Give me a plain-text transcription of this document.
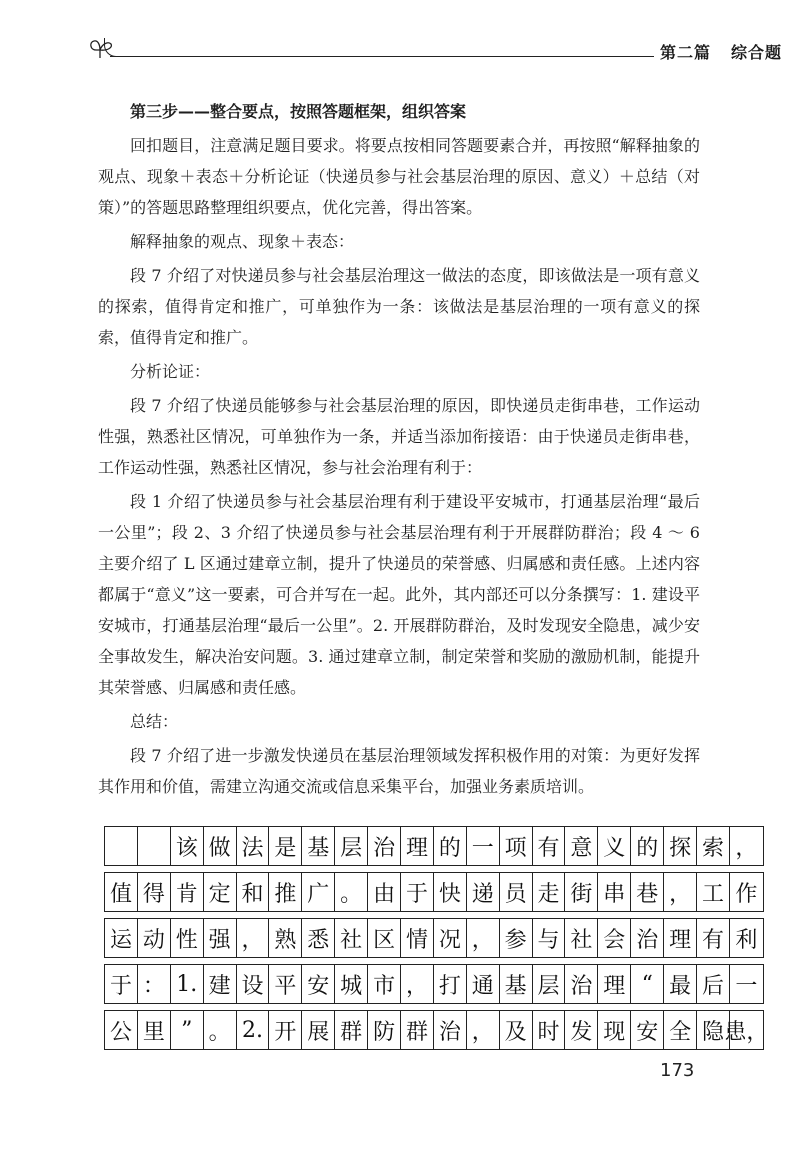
第二篇 综合题

第三步——整合要点，按照答题框架，组织答案

回扣题目，注意满足题目要求。将要点按相同答题要素合并，再按照“解释抽象的观点、现象＋表态＋分析论证（快递员参与社会基层治理的原因、意义）＋总结（对策）”的答题思路整理组织要点，优化完善，得出答案。

解释抽象的观点、现象＋表态：

段 7 介绍了对快递员参与社会基层治理这一做法的态度，即该做法是一项有意义的探索，值得肯定和推广，可单独作为一条：该做法是基层治理的一项有意义的探索，值得肯定和推广。

分析论证：

段 7 介绍了快递员能够参与社会基层治理的原因，即快递员走街串巷，工作运动性强，熟悉社区情况，可单独作为一条，并适当添加衔接语：由于快递员走街串巷，工作运动性强，熟悉社区情况，参与社会治理有利于：

段 1 介绍了快递员参与社会基层治理有利于建设平安城市，打通基层治理“最后一公里”；段 2、3 介绍了快递员参与社会基层治理有利于开展群防群治；段 4 ～ 6 主要介绍了 L 区通过建章立制，提升了快递员的荣誉感、归属感和责任感。上述内容都属于“意义”这一要素，可合并写在一起。此外，其内部还可以分条撰写：1. 建设平安城市，打通基层治理“最后一公里”。2. 开展群防群治，及时发现安全隐患，减少安全事故发生，解决治安问题。3. 通过建章立制，制定荣誉和奖励的激励机制，能提升其荣誉感、归属感和责任感。

总结：

段 7 介绍了进一步激发快递员在基层治理领域发挥积极作用的对策：为更好发挥其作用和价值，需建立沟通交流或信息采集平台，加强业务素质培训。

该 做 法 是 基 层 治 理 的 一 项 有 意 义 的 探 索 ，
值 得 肯 定 和 推 广 。 由 于 快 递 员 走 街 串 巷 ， 工 作
运 动 性 强 ， 熟 悉 社 区 情 况 ， 参 与 社 会 治 理 有 利
于 ： 1. 建 设 平 安 城 市 ， 打 通 基 层 治 理 “ 最 后 一
公 里 ” 。 2. 开 展 群 防 群 治 ， 及 时 发 现 安 全 隐 患，
173
